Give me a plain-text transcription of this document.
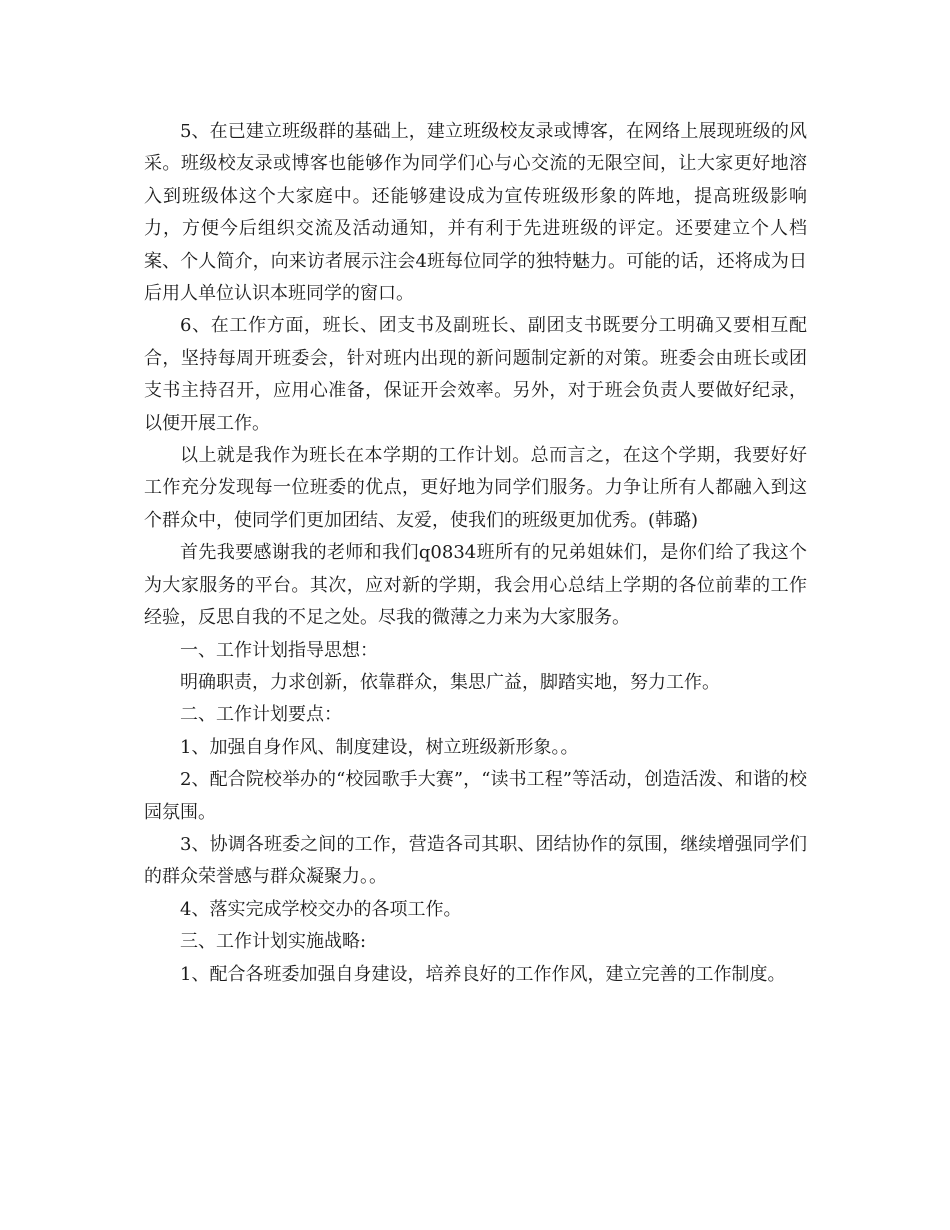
5、在已建立班级群的基础上，建立班级校友录或博客，在网络上展现班级的风采。班级校友录或博客也能够作为同学们心与心交流的无限空间，让大家更好地溶入到班级体这个大家庭中。还能够建设成为宣传班级形象的阵地，提高班级影响力，方便今后组织交流及活动通知，并有利于先进班级的评定。还要建立个人档案、个人简介，向来访者展示注会4班每位同学的独特魅力。可能的话，还将成为日后用人单位认识本班同学的窗口。

6、在工作方面，班长、团支书及副班长、副团支书既要分工明确又要相互配合，坚持每周开班委会，针对班内出现的新问题制定新的对策。班委会由班长或团支书主持召开，应用心准备，保证开会效率。另外，对于班会负责人要做好纪录，以便开展工作。

以上就是我作为班长在本学期的工作计划。总而言之，在这个学期，我要好好工作充分发现每一位班委的优点，更好地为同学们服务。力争让所有人都融入到这个群众中，使同学们更加团结、友爱，使我们的班级更加优秀。(韩璐)

首先我要感谢我的老师和我们q0834班所有的兄弟姐妹们，是你们给了我这个为大家服务的平台。其次，应对新的学期，我会用心总结上学期的各位前辈的工作经验，反思自我的不足之处。尽我的微薄之力来为大家服务。

一、工作计划指导思想：

明确职责，力求创新，依靠群众，集思广益，脚踏实地，努力工作。

二、工作计划要点：

1、加强自身作风、制度建设，树立班级新形象。。

2、配合院校举办的“校园歌手大赛”，“读书工程”等活动，创造活泼、和谐的校园氛围。

3、协调各班委之间的工作，营造各司其职、团结协作的氛围，继续增强同学们的群众荣誉感与群众凝聚力。。

4、落实完成学校交办的各项工作。

三、工作计划实施战略:

1、配合各班委加强自身建设，培养良好的工作作风，建立完善的工作制度。
